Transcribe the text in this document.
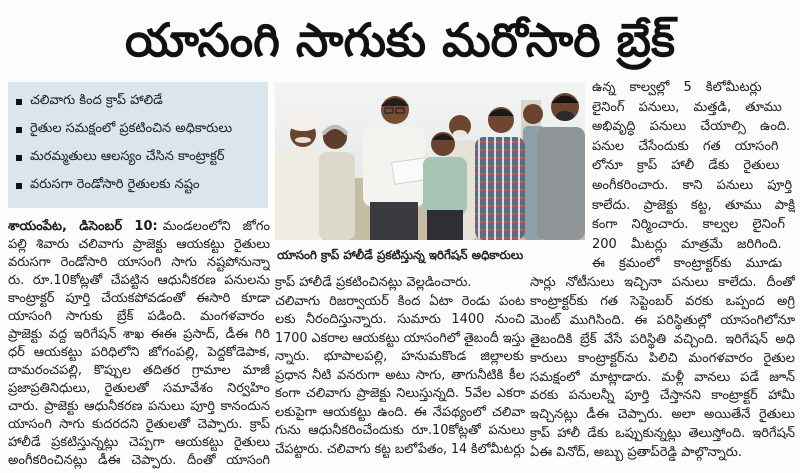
యాసంగి సాగుకు మరోసారి బ్రేక్
చలివాగు కింద క్రాప్ హాలిడే
రైతుల సమక్షంలో ప్రకటించిన అధికారులు
మరమ్మతులు ఆలస్యం చేసిన కాంట్రాక్టర్
వరుసగా రెండోసారి రైతులకు నష్టం
యాసంగి క్రాప్ హాలీడే ప్రకటిస్తున్న ఇరిగేషన్ అధికారులు
శాయంపేట, డిసెంబర్ 10: మండలంలోని జోగం
పల్లి శివారు చలివాగు ప్రాజెక్టు ఆయకట్టు రైతులు
వరుసగా రెండోసారి యాసంగి సాగు నష్టపోనున్నా
రు. రూ.10కోట్లతో చేపట్టిన ఆధునీకరణ పనులను
కాంట్రాక్టర్ పూర్తి చేయకపోవడంతో ఈసారి కూడా
యాసంగి సాగుకు బ్రేక్ పడింది. మంగళవారం
ప్రాజెక్టు వద్ద ఇరిగేషన్ శాఖ ఈఈ ప్రసాద్, డీఈ గిరి
ధర్ ఆయకట్టు పరిధిలోని జోగంపల్లి, పెద్దకోడెపాక,
దామరంచపల్లి, కొప్పుల తదితర గ్రామాల మాజీ
ప్రజాప్రతినిధులు, రైతులతో సమావేశం నిర్వహిం
చారు. ప్రాజెక్టు ఆధునీకరణ పనులు పూర్తి కానందున
యాసంగి సాగు కుదరదని రైతులతో చెప్పారు. క్రాప్
హాలీడే ప్రకటిస్తున్నట్లు చెప్పగా ఆయకట్టు రైతులు
అంగీకరించినట్లు డీఈ చెప్పారు. దీంతో యాసంగి
క్రాప్ హాలీడే ప్రకటించినట్లు వెల్లడించారు.
చలివాగు రిజర్వాయర్ కింద ఏటా రెండు పంట
లకు నీరందిస్తున్నారు. సుమారు 1400 నుంచి
1700 ఎకరాల ఆయకట్టు యాసంగిలో తైబందీ ఇస్తు
న్నారు. భూపాలపల్లి, హనుమకొండ జిల్లాలకు
ప్రధాన నీటి వనరుగా అటు సాగు, తాగునీటికి కీల
కంగా చలివాగు ప్రాజెక్టు నిలుస్తున్నది. 5వేల ఎకరా
లకుపైగా ఆయకట్టు ఉంది. ఈ నేపథ్యంలో చలివా
గును ఆధునీకరించేందుకు రూ.10కోట్లతో పనులు
చేపట్టారు. చలివాగు కట్ట బలోపేతం, 14 కిలోమీటర్లు
ఉన్న కాల్వల్లో 5 కిలోమీటర్లు
లైనింగ్ పనులు, మత్తడి, తూము
అభివృద్ధి పనులు చేయాల్సి ఉంది.
పనుల చేసేందుకు గత యాసంగి
లోనూ క్రాప్ హాలీ డేకు రైతులు
అంగీకరించారు. కాని పనులు పూర్తి
కాలేదు. ప్రాజెక్టు కట్ట, తూము పాక్షి
కంగా నిర్మించారు. కాల్వల లైనింగ్
200 మీటర్లు మాత్రమే జరిగింది.
ఈ క్రమంలో కాంట్రాక్టర్‌కు మూడు
సార్లు నోటీసులు ఇచ్చినా పనులు కాలేదు. దీంతో
కాంట్రాక్టర్‌కు గత సెప్టెంబర్ వరకు ఒప్పంద అగ్రి
మెంట్ ముగిసింది. ఈ పరిస్థితుల్లో యాసంగిలోనూ
తైబందికి బ్రేక్ వేసే పరిస్థితి వచ్చింది. ఇరిగేషన్ అధి
కారులు కాంట్రాక్టర్‌ను పిలిచి మంగళవారం రైతుల
సమక్షంలో మాట్లాడారు. మళ్లీ వానలు పడే జూన్
వరకు పనులన్నీ పూర్తి చేస్తానని కాంట్రాక్టర్ హామీ
ఇచ్చినట్లు డీఈ చెప్పారు. అలా అయితేనే రైతులు
క్రాప్ హాలీ డేకు ఒప్పుకున్నట్లు తెలుస్తోంది. ఇరిగేషన్
ఏఈ వినోద్, అబ్బు ప్రతాప్‌రెడ్డి పాల్గొన్నారు.
